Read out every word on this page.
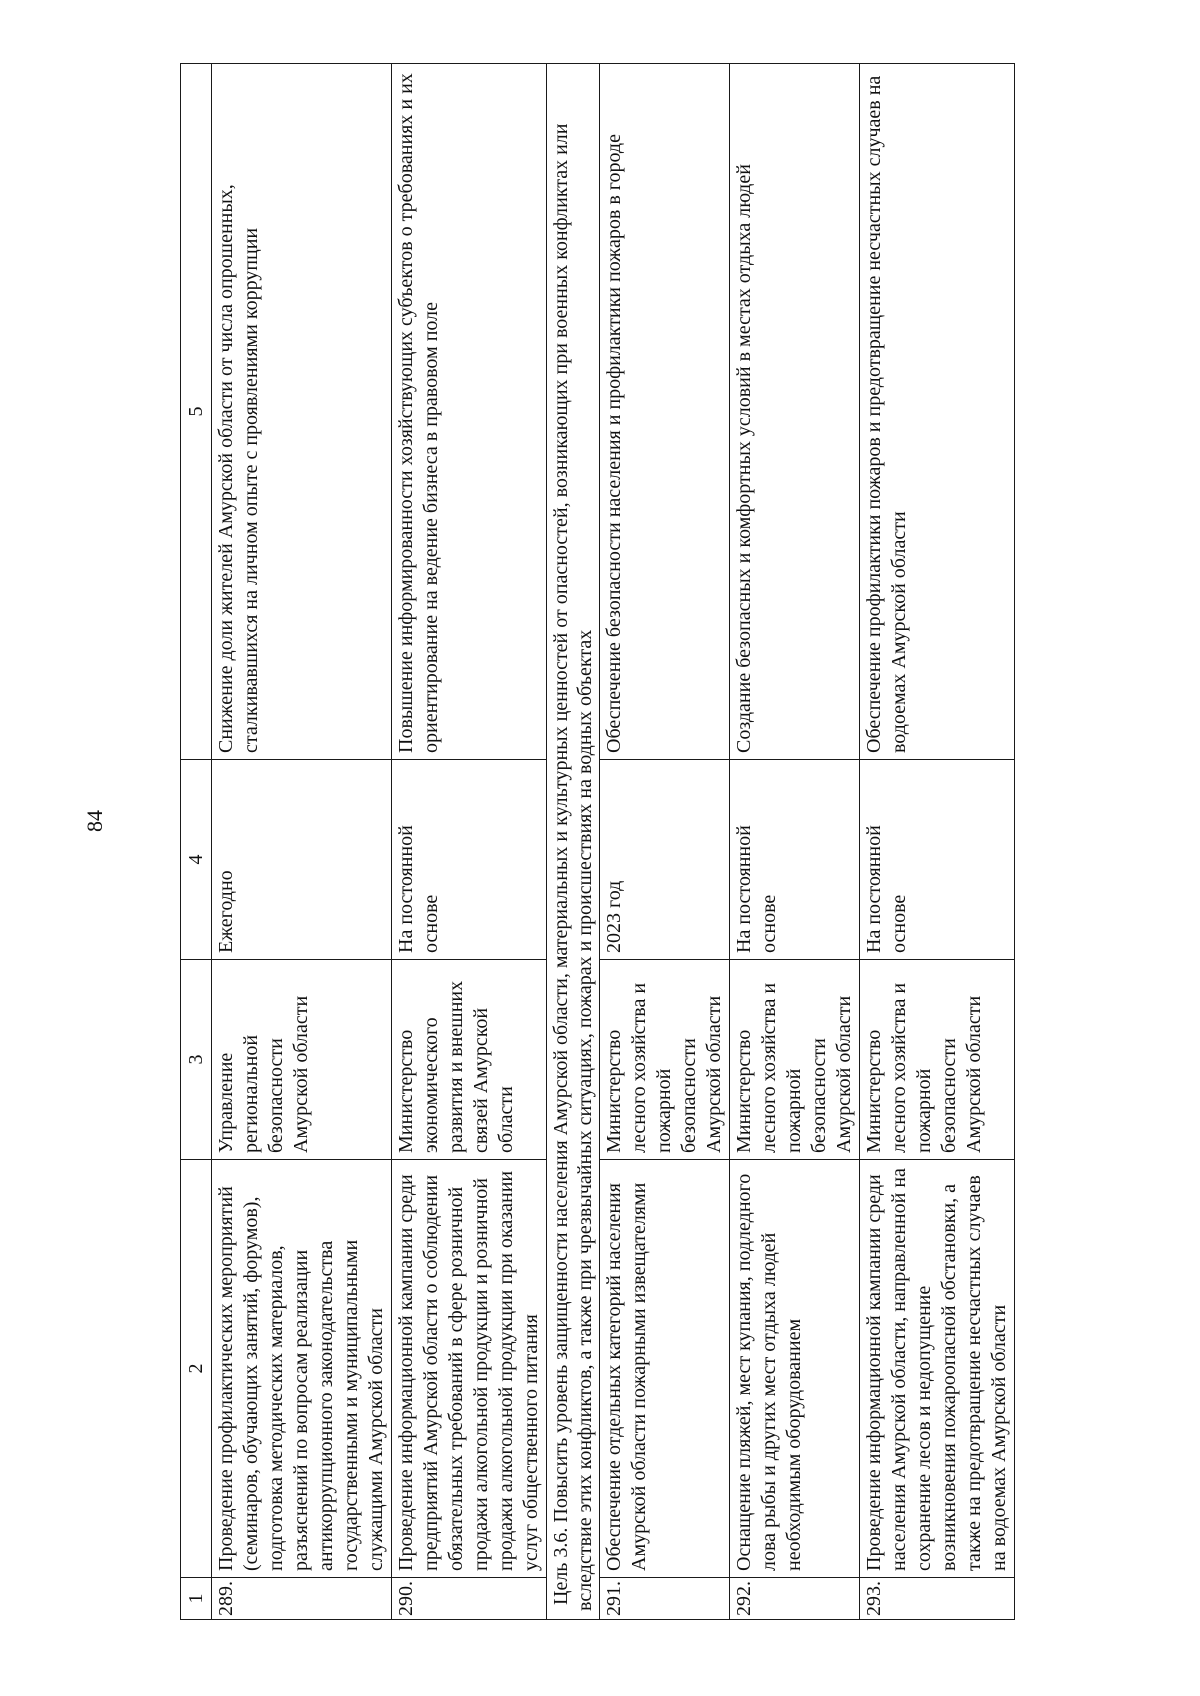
84
1	2	3	4	5
289.	Проведение профилактических мероприятий (семинаров, обучающих занятий, форумов), подготовка методических материалов, разъяснений по вопросам реализации антикоррупционного законодательства государственными и муниципальными служащими Амурской области	Управление региональной безопасности Амурской области	Ежегодно	Снижение доли жителей Амурской области от числа опрошенных, сталкивавшихся на личном опыте с проявлениями коррупции
290.	Проведение информационной кампании среди предприятий Амурской области о соблюдении обязательных требований в сфере розничной продажи алкогольной продукции и розничной продажи алкогольной продукции при оказании услуг общественного питания	Министерство экономического развития и внешних связей Амурской области	На постоянной основе	Повышение информированности хозяйствующих субъектов о требованиях и их ориентирование на ведение бизнеса в правовом поле
Цель 3.6. Повысить уровень защищенности населения Амурской области, материальных и культурных ценностей от опасностей, возникающих при военных конфликтах или вследствие этих конфликтов, а также при чрезвычайных ситуациях, пожарах и происшествиях на водных объектах				
291.	Обеспечение отдельных категорий населения Амурской области пожарными извещателями	Министерство лесного хозяйства и пожарной безопасности Амурской области	2023 год	Обеспечение безопасности населения и профилактики пожаров в городе
292.	Оснащение пляжей, мест купания, подледного лова рыбы и других мест отдыха людей необходимым оборудованием	Министерство лесного хозяйства и пожарной безопасности Амурской области	На постоянной основе	Создание безопасных и комфортных условий в местах отдыха людей
293.	Проведение информационной кампании среди населения Амурской области, направленной на сохранение лесов и недопущение возникновения пожароопасной обстановки, а также на предотвращение несчастных случаев на водоемах Амурской области	Министерство лесного хозяйства и пожарной безопасности Амурской области	На постоянной основе	Обеспечение профилактики пожаров и предотвращение несчастных случаев на водоемах Амурской области
